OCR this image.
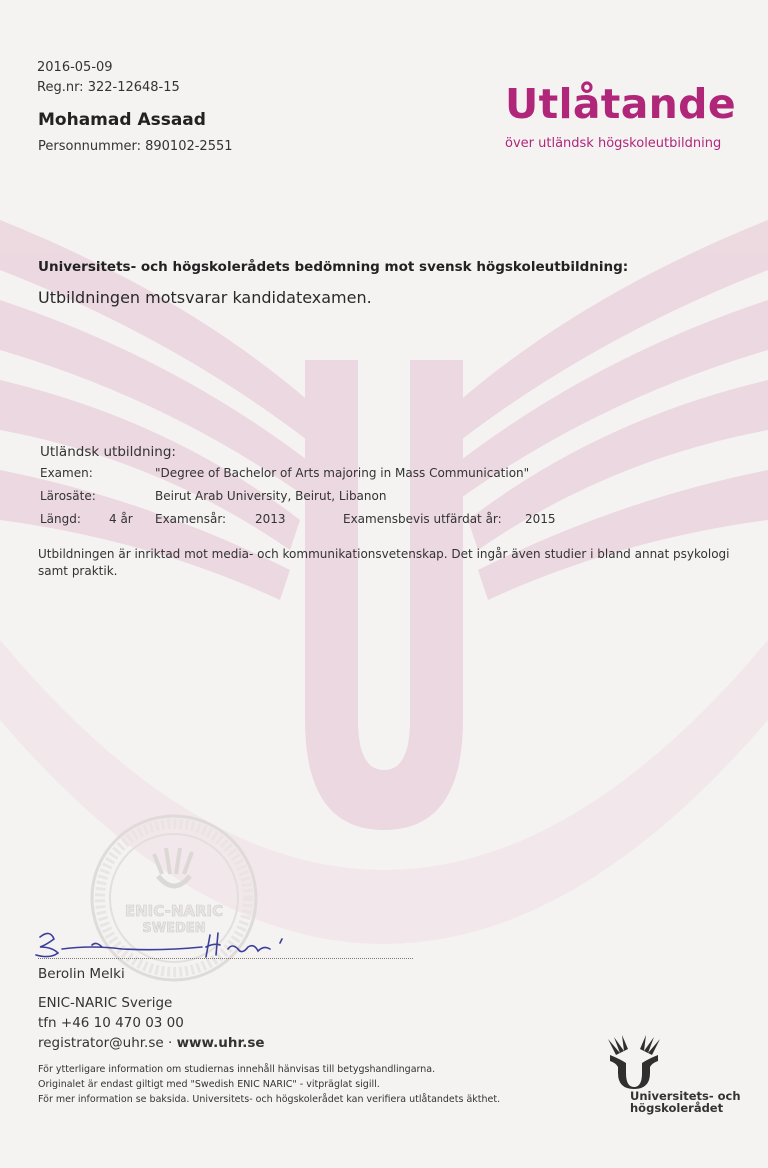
2016-05-09
Reg.nr: 322-12648-15
Mohamad Assaad
Personnummer: 890102-2551
Utlåtande
över utländsk högskoleutbildning
Universitets- och högskolerådets bedömning mot svensk högskoleutbildning:
Utbildningen motsvarar kandidatexamen.
Utländsk utbildning:
Examen:	"Degree of Bachelor of Arts majoring in Mass Communication"
Lärosäte:	Beirut Arab University, Beirut, Libanon
Längd: 4 år Examensår: 2013	Examensbevis utfärdat år: 2015
Utbildningen är inriktad mot media- och kommunikationsvetenskap. Det ingår även studier i bland annat psykologi samt praktik.
ENIC-NARIC
SWEDEN
Berolin Melki
ENIC-NARIC Sverige
tfn +46 10 470 03 00
registrator@uhr.se · www.uhr.se
För ytterligare information om studiernas innehåll hänvisas till betygshandlingarna.
Originalet är endast giltigt med "Swedish ENIC NARIC" - vitpräglat sigill.
För mer information se baksida. Universitets- och högskolerådet kan verifiera utlåtandets äkthet.	Universitets- och
högskolerådet
